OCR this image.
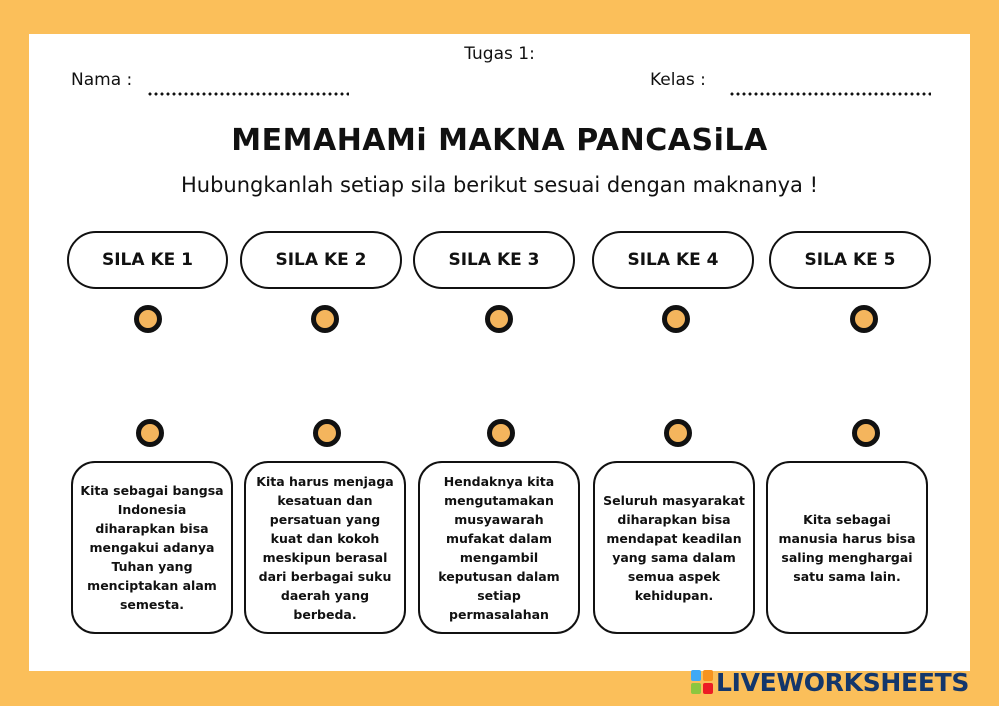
Tugas 1:
Nama :	Kelas :
MEMAHAMi MAKNA PANCASiLA
Hubungkanlah setiap sila berikut sesuai dengan maknanya !
SILA KE 1	SILA KE 2	SILA KE 3	SILA KE 4	SILA KE 5
Kita sebagai bangsa Indonesia diharapkan bisa mengakui adanya Tuhan yang menciptakan alam semesta.
Kita harus menjaga kesatuan dan persatuan yang kuat dan kokoh meskipun berasal dari berbagai suku daerah yang berbeda.
Hendaknya kita mengutamakan musyawarah mufakat dalam mengambil keputusan dalam setiap permasalahan
Seluruh masyarakat diharapkan bisa mendapat keadilan yang sama dalam semua aspek kehidupan.
Kita sebagai manusia harus bisa saling menghargai satu sama lain.
LIVEWORKSHEETS
